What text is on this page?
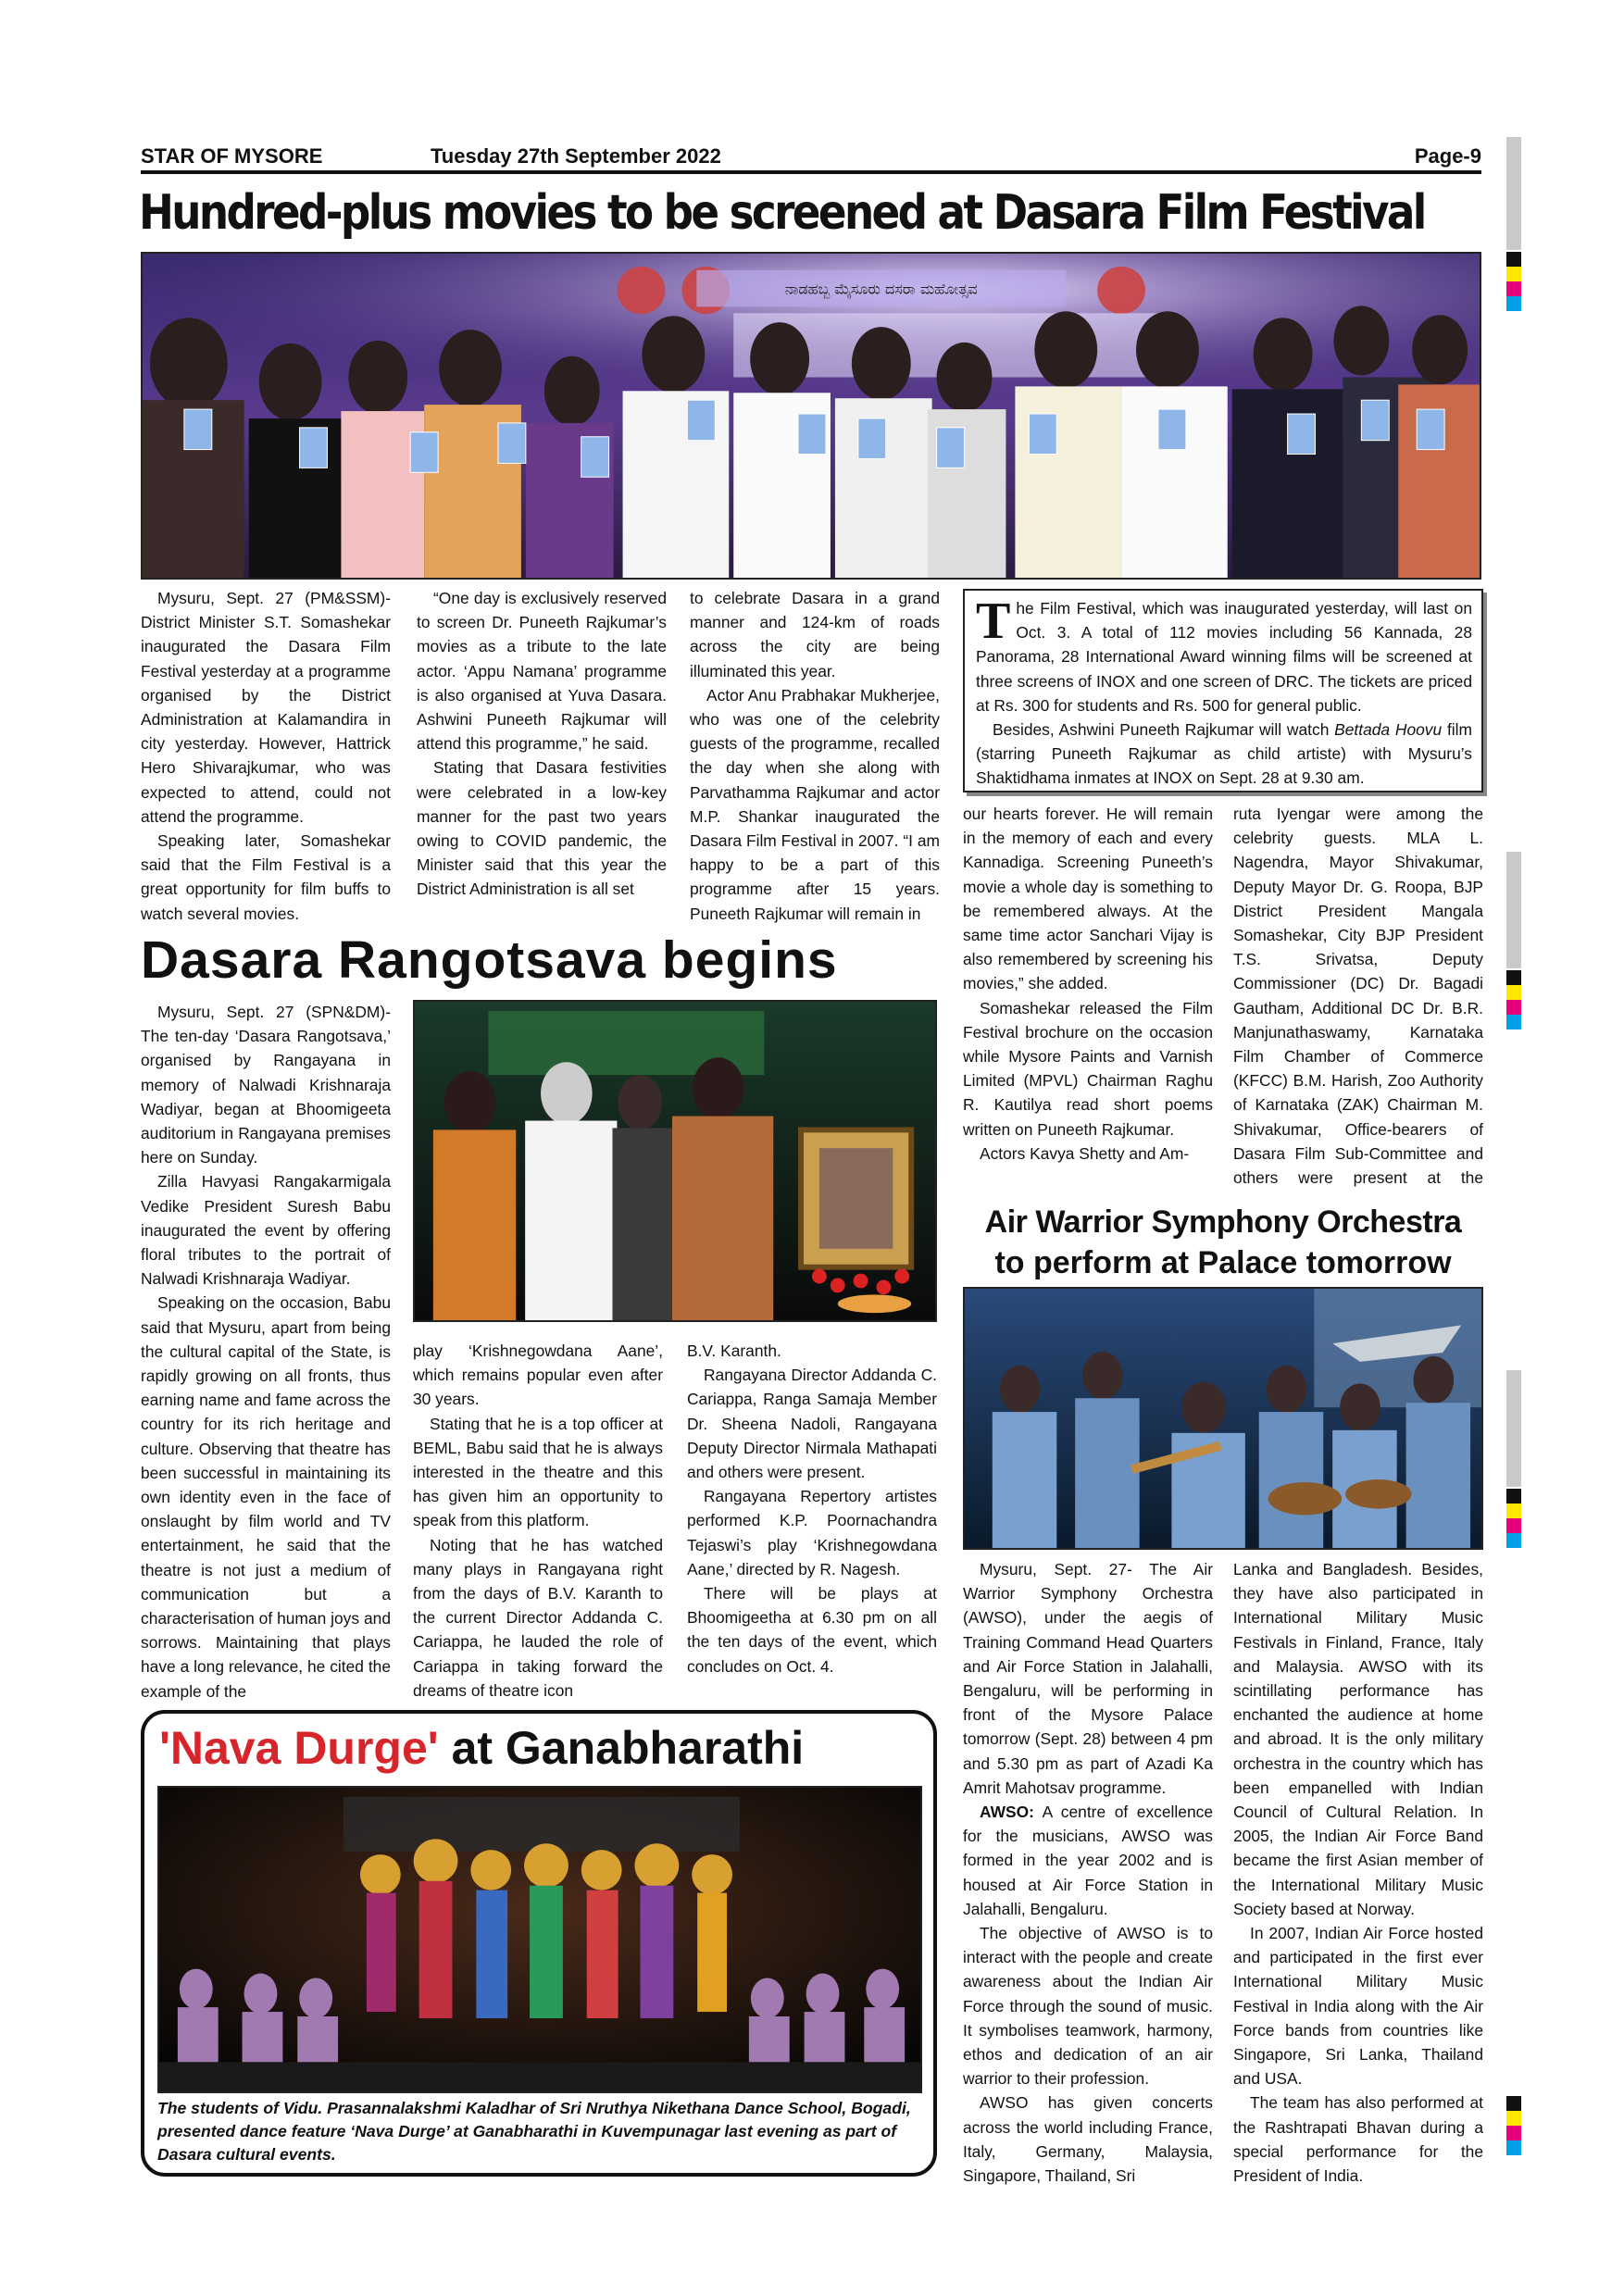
STAR OF MYSORE	Tuesday 27th September 2022	Page-9
Hundred-plus movies to be screened at Dasara Film Festival
ನಾಡಹಬ್ಬ ಮೈಸೂರು ದಸರಾ ಮಹೋತ್ಸವ

Mysuru, Sept. 27 (PM&SSM)- District Minister S.T. Somashekar inaugurated the Dasara Film Festival yesterday at a programme organised by the District Administration at Kalamandira in city yesterday. However, Hattrick Hero Shivarajkumar, who was expected to attend, could not attend the programme.

Speaking later, Somashekar said that the Film Festival is a great opportunity for film buffs to watch several movies.

“One day is exclusively reserved to screen Dr. Puneeth Rajkumar’s movies as a tribute to the late actor. ‘Appu Namana’ programme is also organised at Yuva Dasara. Ashwini Puneeth Rajkumar will attend this programme,” he said.

Stating that Dasara festivities were celebrated in a low-key manner for the past two years owing to COVID pandemic, the Minister said that this year the District Administration is all set

to celebrate Dasara in a grand manner and 124-km of roads across the city are being illuminated this year.

Actor Anu Prabhakar Mukherjee, who was one of the celebrity guests of the programme, recalled the day when she along with Parvathamma Rajkumar and actor M.P. Shankar inaugurated the Dasara Film Festival in 2007. “I am happy to be a part of this programme after 15 years. Puneeth Rajkumar will remain in

The Film Festival, which was inaugurated yesterday, will last on Oct. 3. A total of 112 movies including 56 Kannada, 28 Panorama, 28 International Award winning films will be screened at three screens of INOX and one screen of DRC. The tickets are priced at Rs. 300 for students and Rs. 500 for general public.

Besides, Ashwini Puneeth Rajkumar will watch Bettada Hoovu film (starring Puneeth Rajkumar as child artiste) with Mysuru’s Shaktidhama inmates at INOX on Sept. 28 at 9.30 am.

our hearts forever. He will remain in the memory of each and every Kannadiga. Screening Puneeth’s movie a whole day is something to be remembered always. At the same time actor Sanchari Vijay is also remembered by screening his movies,” she added.

Somashekar released the Film Festival brochure on the occasion while Mysore Paints and Varnish Limited (MPVL) Chairman Raghu R. Kautilya read short poems written on Puneeth Rajkumar.

Actors Kavya Shetty and Am-

ruta Iyengar were among the celebrity guests. MLA L. Nagendra, Mayor Shivakumar, Deputy Mayor Dr. G. Roopa, BJP District President Mangala Somashekar, City BJP President T.S. Srivatsa, Deputy Commissioner (DC) Dr. Bagadi Gautham, Additional DC Dr. B.R. Manjunathaswamy, Karnataka Film Chamber of Commerce (KFCC) B.M. Harish, Zoo Authority of Karnataka (ZAK) Chairman M. Shivakumar, Office-bearers of Dasara Film Sub-Committee and others were present at the

Dasara Rangotsava begins

Mysuru, Sept. 27 (SPN&DM)- The ten-day ‘Dasara Rangotsava,’ organised by Rangayana in memory of Nalwadi Krishnaraja Wadiyar, began at Bhoomigeeta auditorium in Rangayana premises here on Sunday.

Zilla Havyasi Rangakarmigala Vedike President Suresh Babu inaugurated the event by offering floral tributes to the portrait of Nalwadi Krishnaraja Wadiyar.

Speaking on the occasion, Babu said that Mysuru, apart from being the cultural capital of the State, is rapidly growing on all fronts, thus earning name and fame across the country for its rich heritage and culture. Observing that theatre has been successful in maintaining its own identity even in the face of onslaught by film world and TV entertainment, he said that the theatre is not just a medium of communication but a characterisation of human joys and sorrows. Maintaining that plays have a long relevance, he cited the example of the

play ‘Krishnegowdana Aane’, which remains popular even after 30 years.

Stating that he is a top officer at BEML, Babu said that he is always interested in the theatre and this has given him an opportunity to speak from this platform.

Noting that he has watched many plays in Rangayana right from the days of B.V. Karanth to the current Director Addanda C. Cariappa, he lauded the role of Cariappa in taking forward the dreams of theatre icon

B.V. Karanth.

Rangayana Director Addanda C. Cariappa, Ranga Samaja Member Dr. Sheena Nadoli, Rangayana Deputy Director Nirmala Mathapati and others were present.

Rangayana Repertory artistes performed K.P. Poornachandra Tejaswi’s play ‘Krishnegowdana Aane,’ directed by R. Nagesh.

There will be plays at Bhoomigeetha at 6.30 pm on all the ten days of the event, which concludes on Oct. 4.

'Nava Durge' at Ganabharathi
The students of Vidu. Prasannalakshmi Kaladhar of Sri Nruthya Nikethana Dance School, Bogadi, presented dance feature ‘Nava Durge’ at Ganabharathi in Kuvempunagar last evening as part of Dasara cultural events.
Air Warrior Symphony Orchestra
to perform at Palace tomorrow

Mysuru, Sept. 27- The Air Warrior Symphony Orchestra (AWSO), under the aegis of Training Command Head Quarters and Air Force Station in Jalahalli, Bengaluru, will be performing in front of the Mysore Palace tomorrow (Sept. 28) between 4 pm and 5.30 pm as part of Azadi Ka Amrit Mahotsav programme.

AWSO: A centre of excellence for the musicians, AWSO was formed in the year 2002 and is housed at Air Force Station in Jalahalli, Bengaluru.

The objective of AWSO is to interact with the people and create awareness about the Indian Air Force through the sound of music. It symbolises teamwork, harmony, ethos and dedication of an air warrior to their profession.

AWSO has given concerts across the world including France, Italy, Germany, Malaysia, Singapore, Thailand, Sri

Lanka and Bangladesh. Besides, they have also participated in International Military Music Festivals in Finland, France, Italy and Malaysia. AWSO with its scintillating performance has enchanted the audience at home and abroad. It is the only military orchestra in the country which has been empanelled with Indian Council of Cultural Relation. In 2005, the Indian Air Force Band became the first Asian member of the International Military Music Society based at Norway.

In 2007, Indian Air Force hosted and participated in the first ever International Military Music Festival in India along with the Air Force bands from countries like Singapore, Sri Lanka, Thailand and USA.

The team has also performed at the Rashtrapati Bhavan during a special performance for the President of India.
